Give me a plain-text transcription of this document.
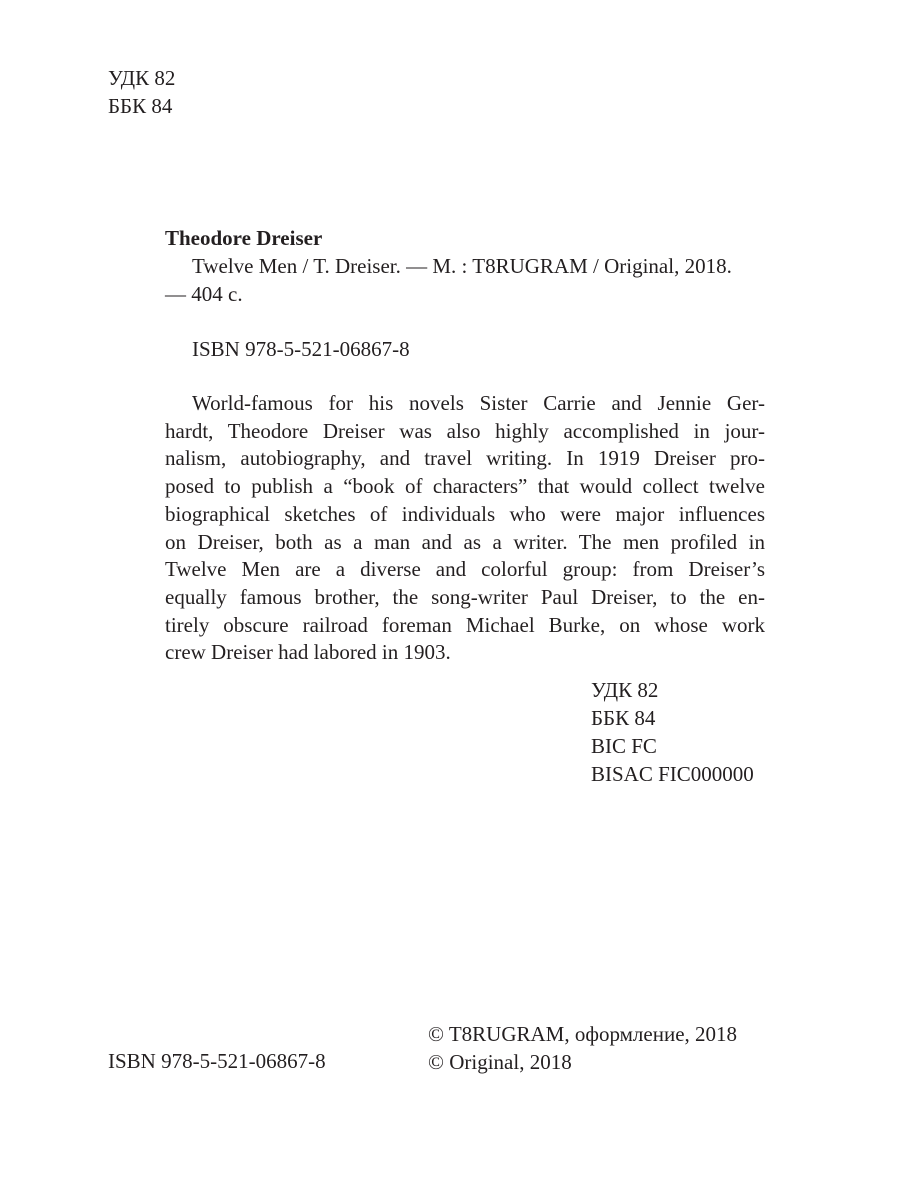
УДК 82
ББК 84
Theodore Dreiser
Twelve Men / T. Dreiser. — M. : T8RUGRAM / Original, 2018.
— 404 с.
ISBN 978-5-521-06867-8
World-famous for his novels Sister Carrie and Jennie Ger-
hardt, Theodore Dreiser was also highly accomplished in jour-
nalism, autobiography, and travel writing. In 1919 Dreiser pro-
posed to publish a “book of characters” that would collect twelve
biographical sketches of individuals who were major influences
on Dreiser, both as a man and as a writer. The men profiled in
Twelve Men are a diverse and colorful group: from Dreiser’s
equally famous brother, the song-writer Paul Dreiser, to the en-
tirely obscure railroad foreman Michael Burke, on whose work
crew Dreiser had labored in 1903.
УДК 82
ББК 84
BIC FC
BISAC FIC000000
ISBN 978-5-521-06867-8
© T8RUGRAM, оформление, 2018
© Original, 2018
